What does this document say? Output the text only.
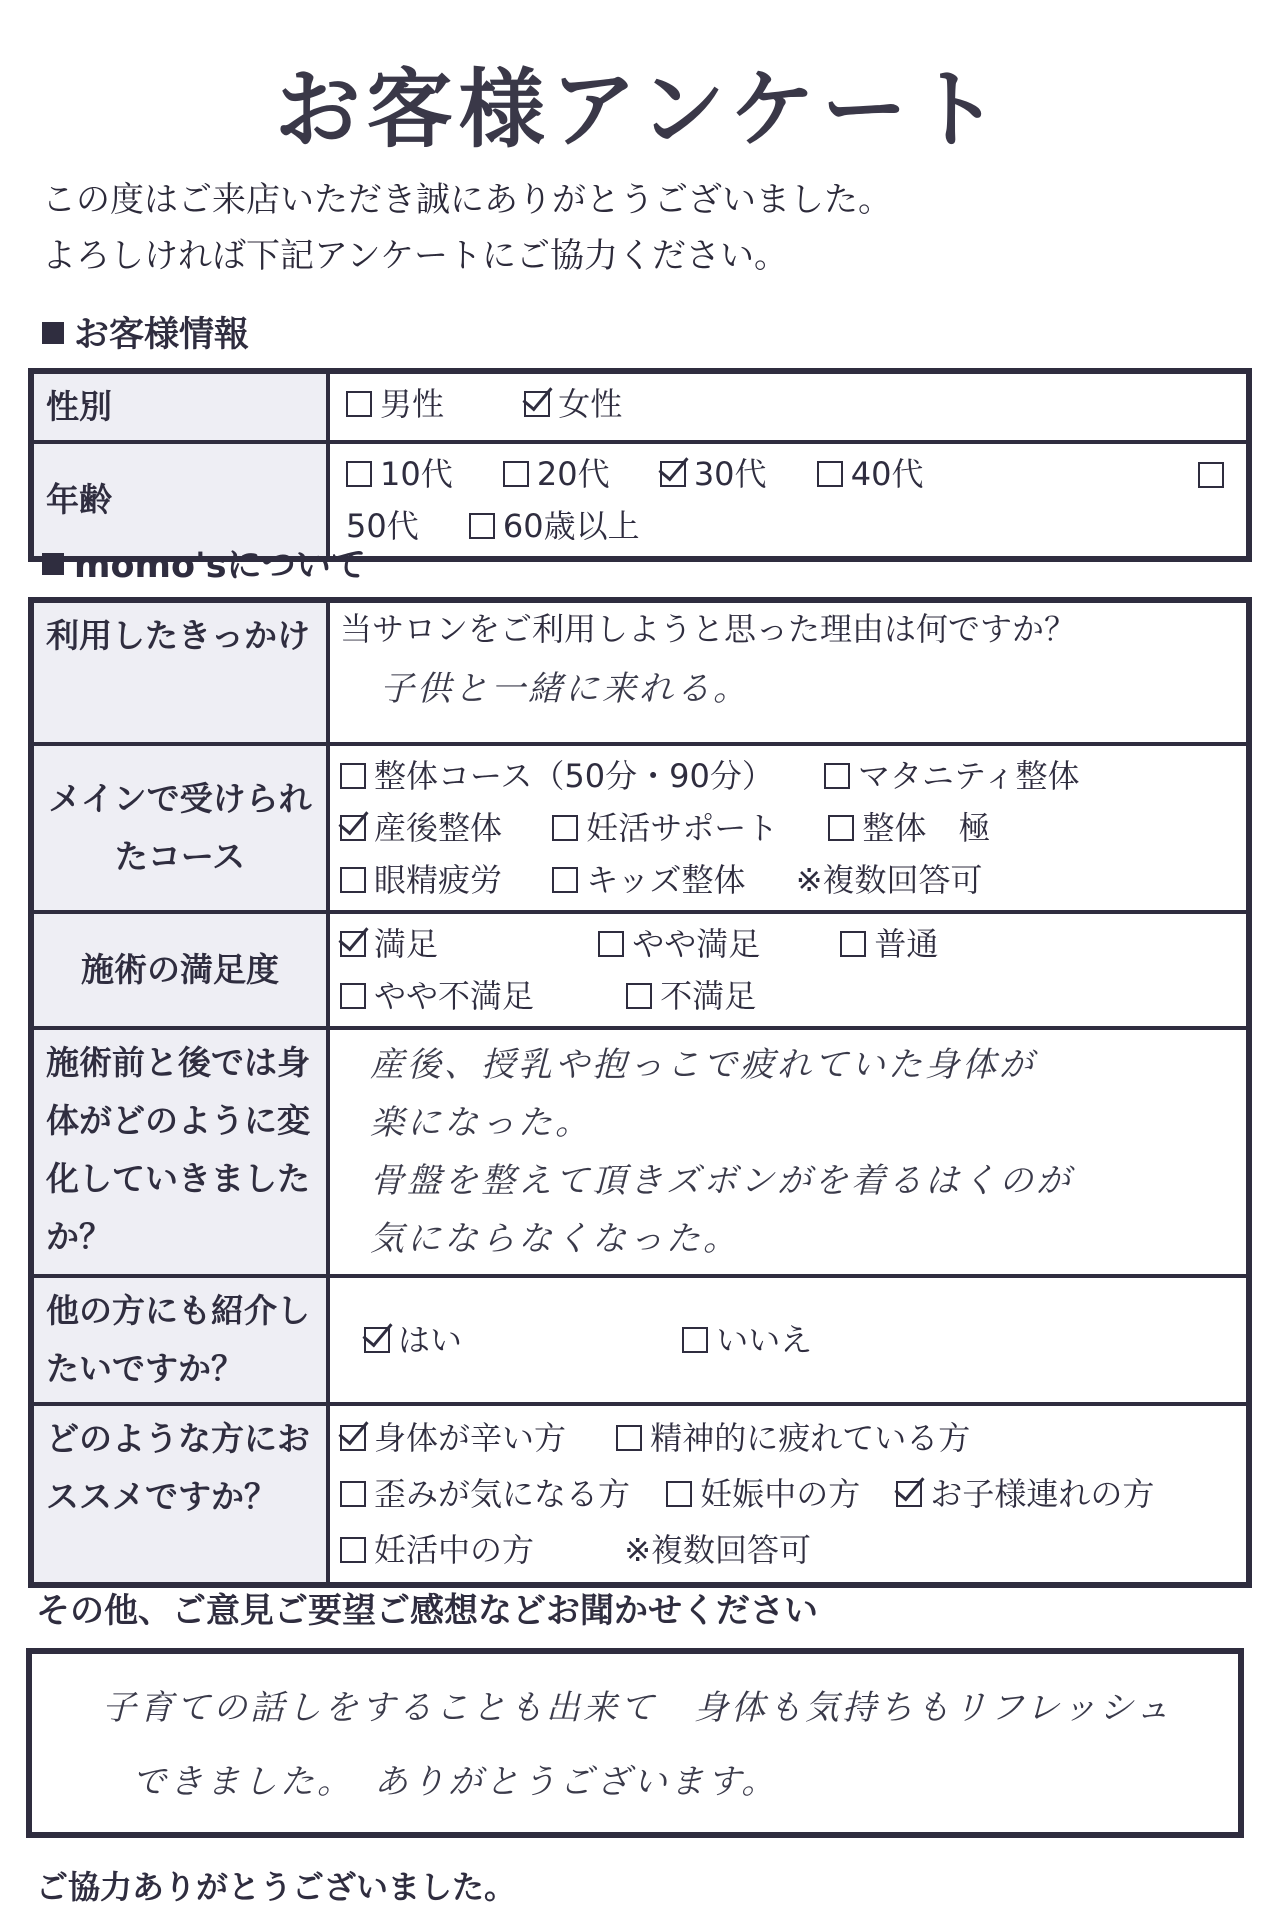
お客様アンケート
この度はご来店いただき誠にありがとうございました。
よろしければ下記アンケートにご協力ください。
お客様情報
性別	男性 女性

年齢	10代 20代 30代 40代
50代 60歳以上
momo'sについて
利用したきっかけ	当サロンをご利用しようと思った理由は何ですか？
子供と一緒に来れる。

メインで受けられたコース	整体コース（50分・90分） マタニティ整体
産後整体 妊活サポート 整体　極
眼精疲労 キッズ整体 ※複数回答可

施術の満足度	満足 やや満足 普通
やや不満足 不満足

施術前と後では身体がどのように変化していきましたか？	産後、授乳や抱っこで疲れていた身体が
楽になった。
骨盤を整えて頂きズボンがを着るはくのが
気にならなくなった。

他の方にも紹介したいですか？	はい いいえ

どのような方におススメですか？	身体が辛い方 精神的に疲れている方
歪みが気になる方 妊娠中の方 お子様連れの方
妊活中の方 ※複数回答可
その他、ご意見ご要望ご感想などお聞かせください
子育ての話しをすることも出来て　身体も気持ちもリフレッシュ
できました。　ありがとうございます。
ご協力ありがとうございました。
